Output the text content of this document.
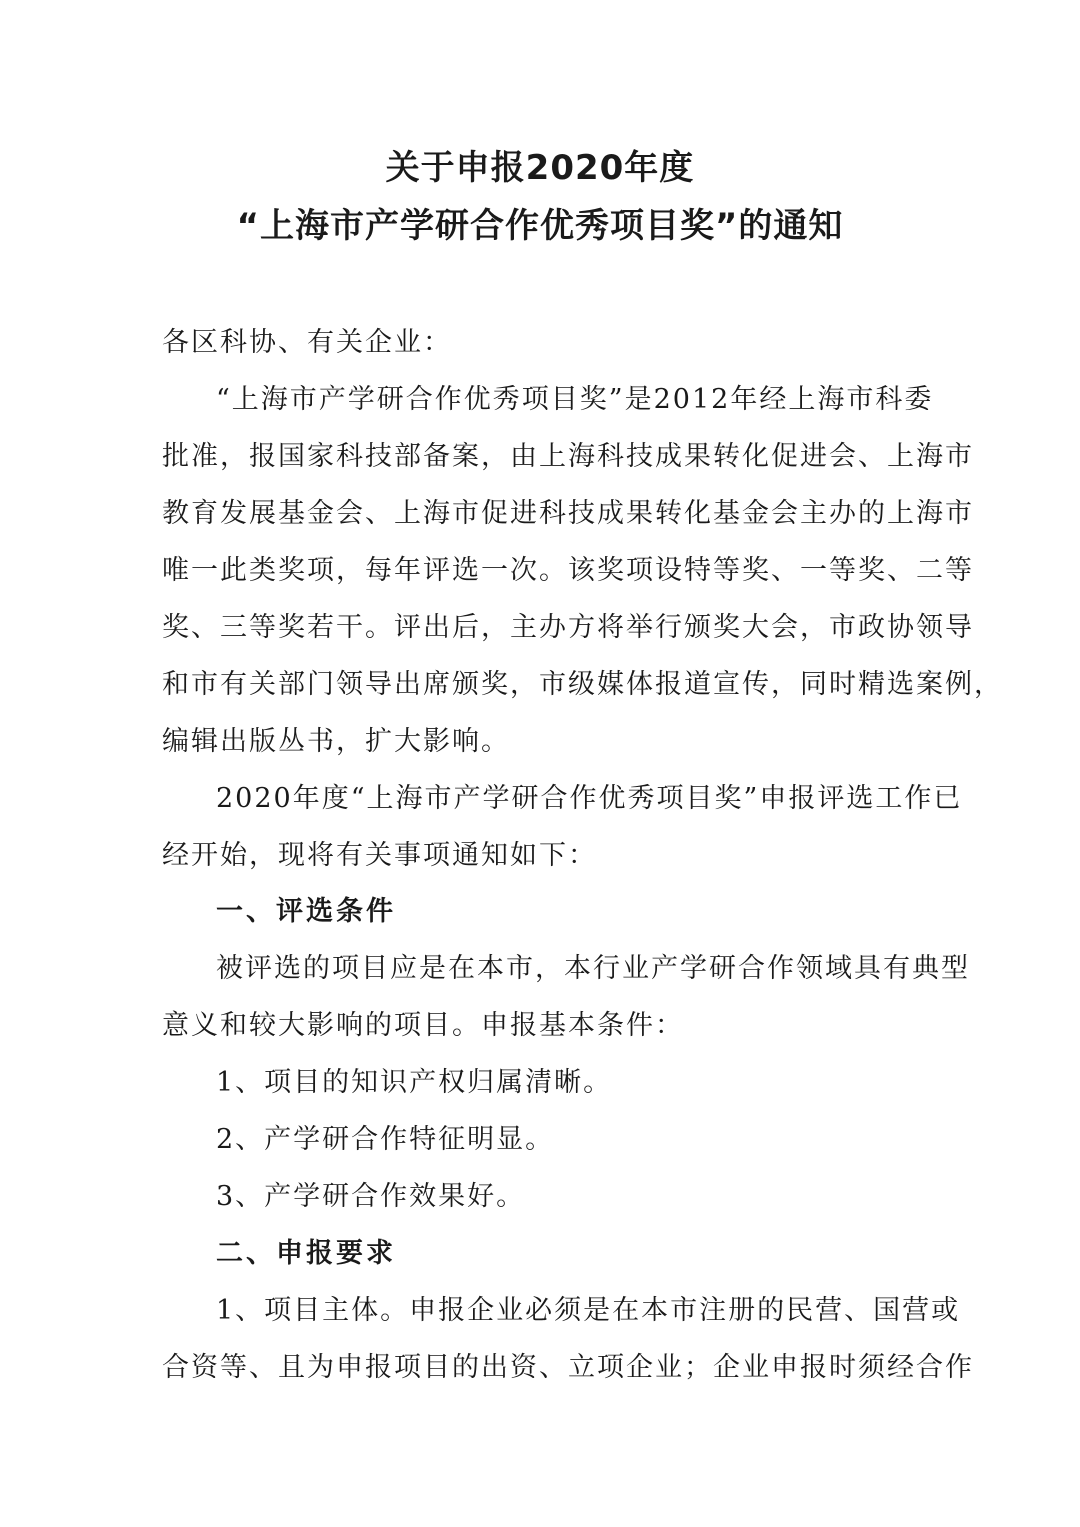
关于申报2020年度
“上海市产学研合作优秀项目奖”的通知
各区科协、有关企业：
“上海市产学研合作优秀项目奖”是2012年经上海市科委
批准，报国家科技部备案，由上海科技成果转化促进会、上海市
教育发展基金会、上海市促进科技成果转化基金会主办的上海市
唯一此类奖项，每年评选一次。该奖项设特等奖、一等奖、二等
奖、三等奖若干。评出后，主办方将举行颁奖大会，市政协领导
和市有关部门领导出席颁奖，市级媒体报道宣传，同时精选案例，
编辑出版丛书，扩大影响。
2020年度“上海市产学研合作优秀项目奖”申报评选工作已
经开始，现将有关事项通知如下：
一、评选条件
被评选的项目应是在本市，本行业产学研合作领域具有典型
意义和较大影响的项目。申报基本条件：
1、项目的知识产权归属清晰。
2、产学研合作特征明显。
3、产学研合作效果好。
二、申报要求
1、项目主体。申报企业必须是在本市注册的民营、国营或
合资等、且为申报项目的出资、立项企业；企业申报时须经合作
